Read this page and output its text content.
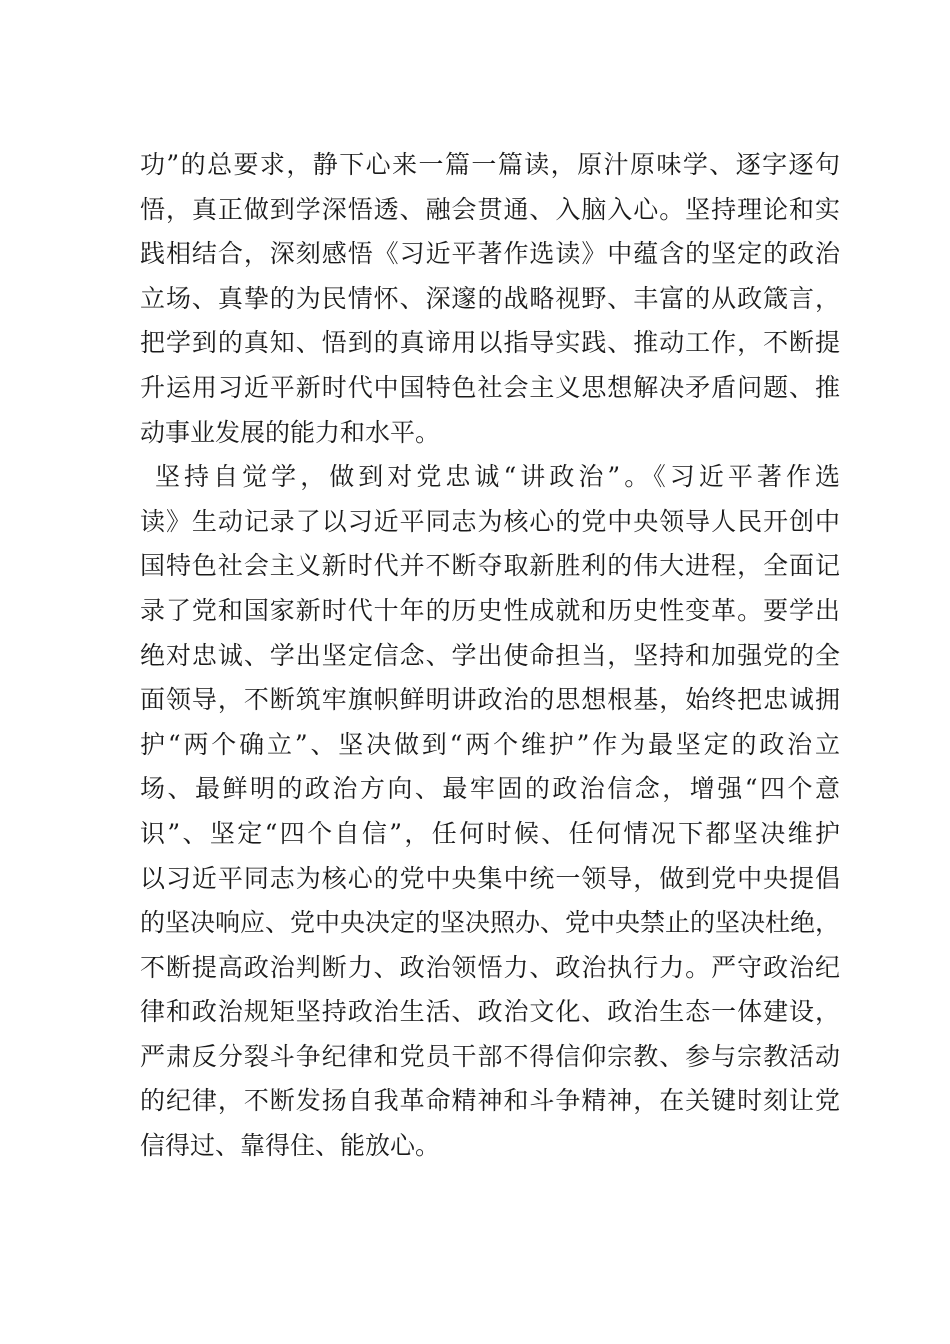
功”的总要求，静下心来一篇一篇读，原汁原味学、逐字逐句
悟，真正做到学深悟透、融会贯通、入脑入心。坚持理论和实
践相结合，深刻感悟《习近平著作选读》中蕴含的坚定的政治
立场、真挚的为民情怀、深邃的战略视野、丰富的从政箴言，
把学到的真知、悟到的真谛用以指导实践、推动工作，不断提
升运用习近平新时代中国特色社会主义思想解决矛盾问题、推
动事业发展的能力和水平。
坚持自觉学，做到对党忠诚“讲政治”。《习近平著作选
读》生动记录了以习近平同志为核心的党中央领导人民开创中
国特色社会主义新时代并不断夺取新胜利的伟大进程，全面记
录了党和国家新时代十年的历史性成就和历史性变革。要学出
绝对忠诚、学出坚定信念、学出使命担当，坚持和加强党的全
面领导，不断筑牢旗帜鲜明讲政治的思想根基，始终把忠诚拥
护“两个确立”、坚决做到“两个维护”作为最坚定的政治立
场、最鲜明的政治方向、最牢固的政治信念，增强“四个意
识”、坚定“四个自信”，任何时候、任何情况下都坚决维护
以习近平同志为核心的党中央集中统一领导，做到党中央提倡
的坚决响应、党中央决定的坚决照办、党中央禁止的坚决杜绝，
不断提高政治判断力、政治领悟力、政治执行力。严守政治纪
律和政治规矩坚持政治生活、政治文化、政治生态一体建设，
严肃反分裂斗争纪律和党员干部不得信仰宗教、参与宗教活动
的纪律，不断发扬自我革命精神和斗争精神，在关键时刻让党
信得过、靠得住、能放心。
